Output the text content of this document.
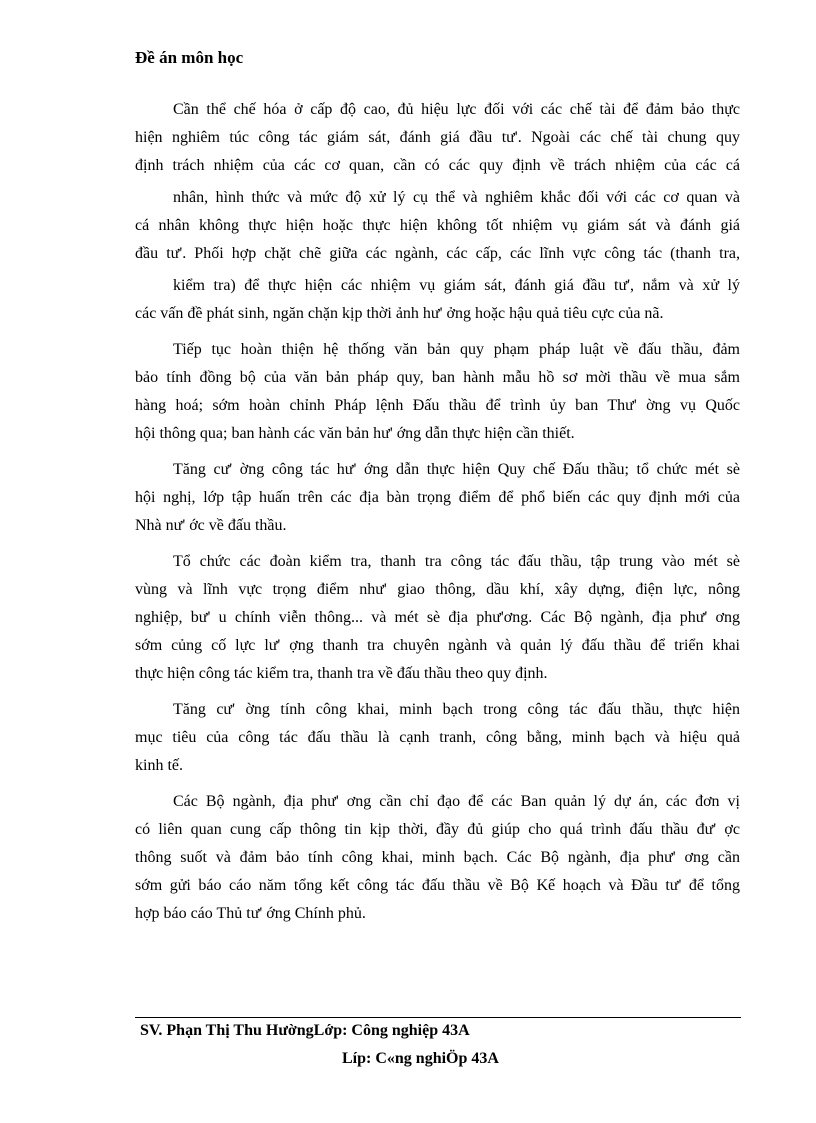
Đề án môn học
Cần thể chế hóa ở cấp độ cao, đủ hiệu lực đối với các chế tài để đảm bảo thực
hiện nghiêm túc công tác giám sát, đánh giá đầu tư'. Ngoài các chế tài chung quy
định trách nhiệm của các cơ quan, cần có các quy định về trách nhiệm của các cá
nhân, hình thức và mức độ xử lý cụ thể và nghiêm khắc đối với các cơ quan và
cá nhân không thực hiện hoặc thực hiện không tốt nhiệm vụ giám sát và đánh giá
đầu tư'. Phối hợp chặt chẽ giữa các ngành, các cấp, các lĩnh vực công tác (thanh tra,
kiểm tra) để thực hiện các nhiệm vụ giám sát, đánh giá đầu tư', nắm và xử lý
các vấn đề phát sinh, ngăn chặn kịp thời ảnh hư' ởng hoặc hậu quả tiêu cực của nã.
Tiếp tục hoàn thiện hệ thống văn bản quy phạm pháp luật về đấu thầu, đảm
bảo tính đồng bộ của văn bản pháp quy, ban hành mẫu hồ sơ mời thầu về mua sắm
hàng hoá; sớm hoàn chỉnh Pháp lệnh Đấu thầu để trình ủy ban Thư' ờng vụ Quốc
hội thông qua; ban hành các văn bản hư' ớng dẫn thực hiện cần thiết.
Tăng cư' ờng công tác hư' ớng dẫn thực hiện Quy chế Đấu thầu; tổ chức mét sè
hội nghị, lớp tập huấn trên các địa bàn trọng điểm để phổ biến các quy định mới của
Nhà nư' ớc về đấu thầu.
Tổ chức các đoàn kiểm tra, thanh tra công tác đấu thầu, tập trung vào mét sè
vùng và lĩnh vực trọng điểm như' giao thông, dầu khí, xây dựng, điện lực, nông
nghiệp, bư' u chính viễn thông... và mét sè địa phư'ơng. Các Bộ ngành, địa phư' ơng
sớm củng cố lực lư' ợng thanh tra chuyên ngành và quản lý đấu thầu để triển khai
thực hiện công tác kiểm tra, thanh tra về đấu thầu theo quy định.
Tăng cư' ờng tính công khai, minh bạch trong công tác đấu thầu, thực hiện
mục tiêu của công tác đấu thầu là cạnh tranh, công bằng, minh bạch và hiệu quả
kinh tế.
Các Bộ ngành, địa phư' ơng cần chỉ đạo để các Ban quản lý dự án, các đơn vị
có liên quan cung cấp thông tin kịp thời, đầy đủ giúp cho quá trình đấu thầu đư' ợc
thông suốt và đảm bảo tính công khai, minh bạch. Các Bộ ngành, địa phư' ơng cần
sớm gửi báo cáo năm tổng kết công tác đấu thầu về Bộ Kế hoạch và Đầu tư' để tổng
hợp báo cáo Thủ tư' ớng Chính phủ.
SV. Phạn Thị Thu HườngLớp: Công nghiệp 43A
Líp: C«ng nghiÖp 43A
